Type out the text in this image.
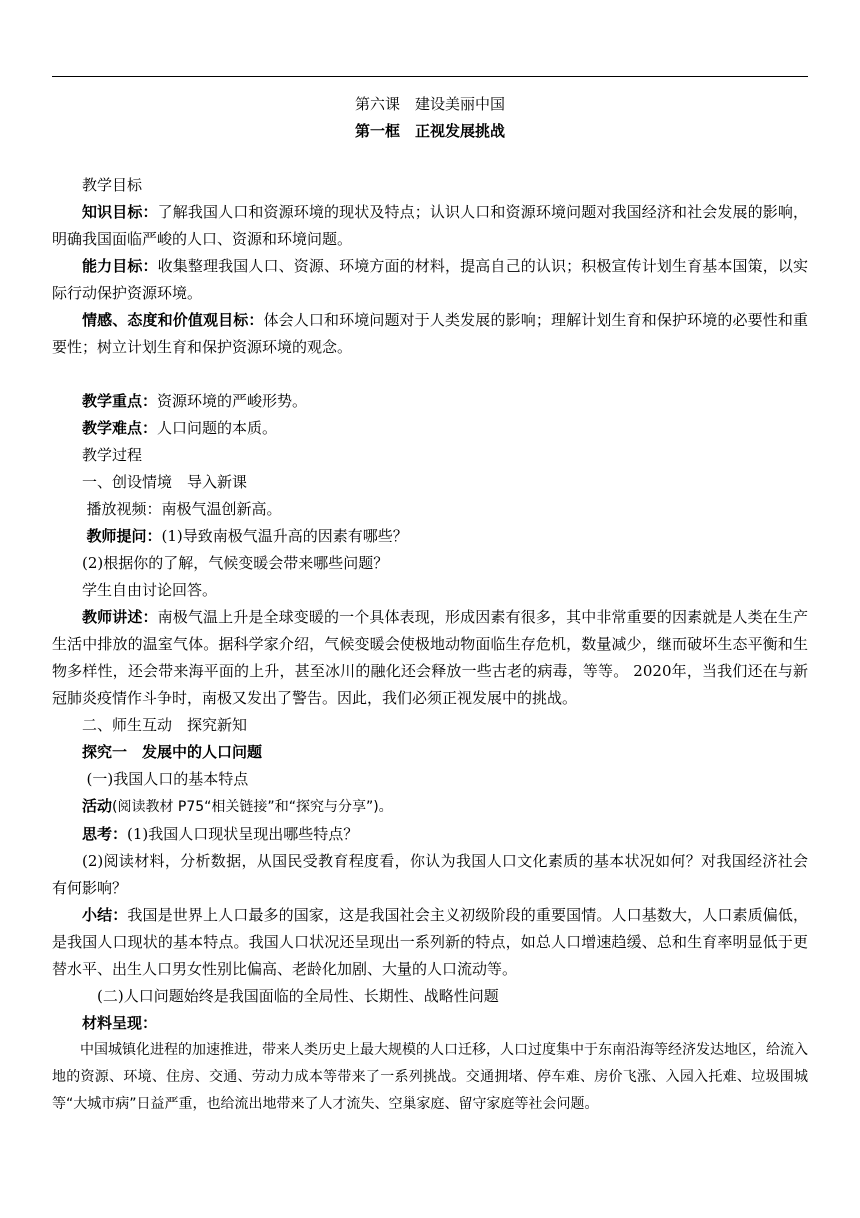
第六课　建设美丽中国
第一框　正视发展挑战

教学目标

知识目标：了解我国人口和资源环境的现状及特点；认识人口和资源环境问题对我国经济和社会发展的影响，明确我国面临严峻的人口、资源和环境问题。

能力目标：收集整理我国人口、资源、环境方面的材料，提高自己的认识；积极宣传计划生育基本国策，以实际行动保护资源环境。

情感、态度和价值观目标：体会人口和环境问题对于人类发展的影响；理解计划生育和保护环境的必要性和重要性；树立计划生育和保护资源环境的观念。

教学重点：资源环境的严峻形势。

教学难点：人口问题的本质。

教学过程

一、创设情境　导入新课

播放视频：南极气温创新高。

教师提问：(1)导致南极气温升高的因素有哪些？

(2)根据你的了解，气候变暖会带来哪些问题？

学生自由讨论回答。

教师讲述：南极气温上升是全球变暖的一个具体表现，形成因素有很多，其中非常重要的因素就是人类在生产生活中排放的温室气体。据科学家介绍，气候变暖会使极地动物面临生存危机，数量减少，继而破坏生态平衡和生物多样性，还会带来海平面的上升，甚至冰川的融化还会释放一些古老的病毒，等等。 2020年，当我们还在与新冠肺炎疫情作斗争时，南极又发出了警告。因此，我们必须正视发展中的挑战。

二、师生互动　探究新知

探究一　发展中的人口问题

(一)我国人口的基本特点

活动(阅读教材 P75“相关链接”和“探究与分享”)。

思考：(1)我国人口现状呈现出哪些特点？

(2)阅读材料，分析数据，从国民受教育程度看，你认为我国人口文化素质的基本状况如何？对我国经济社会有何影响？

小结：我国是世界上人口最多的国家，这是我国社会主义初级阶段的重要国情。人口基数大，人口素质偏低，是我国人口现状的基本特点。我国人口状况还呈现出一系列新的特点，如总人口增速趋缓、总和生育率明显低于更替水平、出生人口男女性别比偏高、老龄化加剧、大量的人口流动等。

(二)人口问题始终是我国面临的全局性、长期性、战略性问题

材料呈现：

中国城镇化进程的加速推进，带来人类历史上最大规模的人口迁移，人口过度集中于东南沿海等经济发达地区，给流入地的资源、环境、住房、交通、劳动力成本等带来了一系列挑战。交通拥堵、停车难、房价飞涨、入园入托难、垃圾围城等“大城市病”日益严重，也给流出地带来了人才流失、空巢家庭、留守家庭等社会问题。
